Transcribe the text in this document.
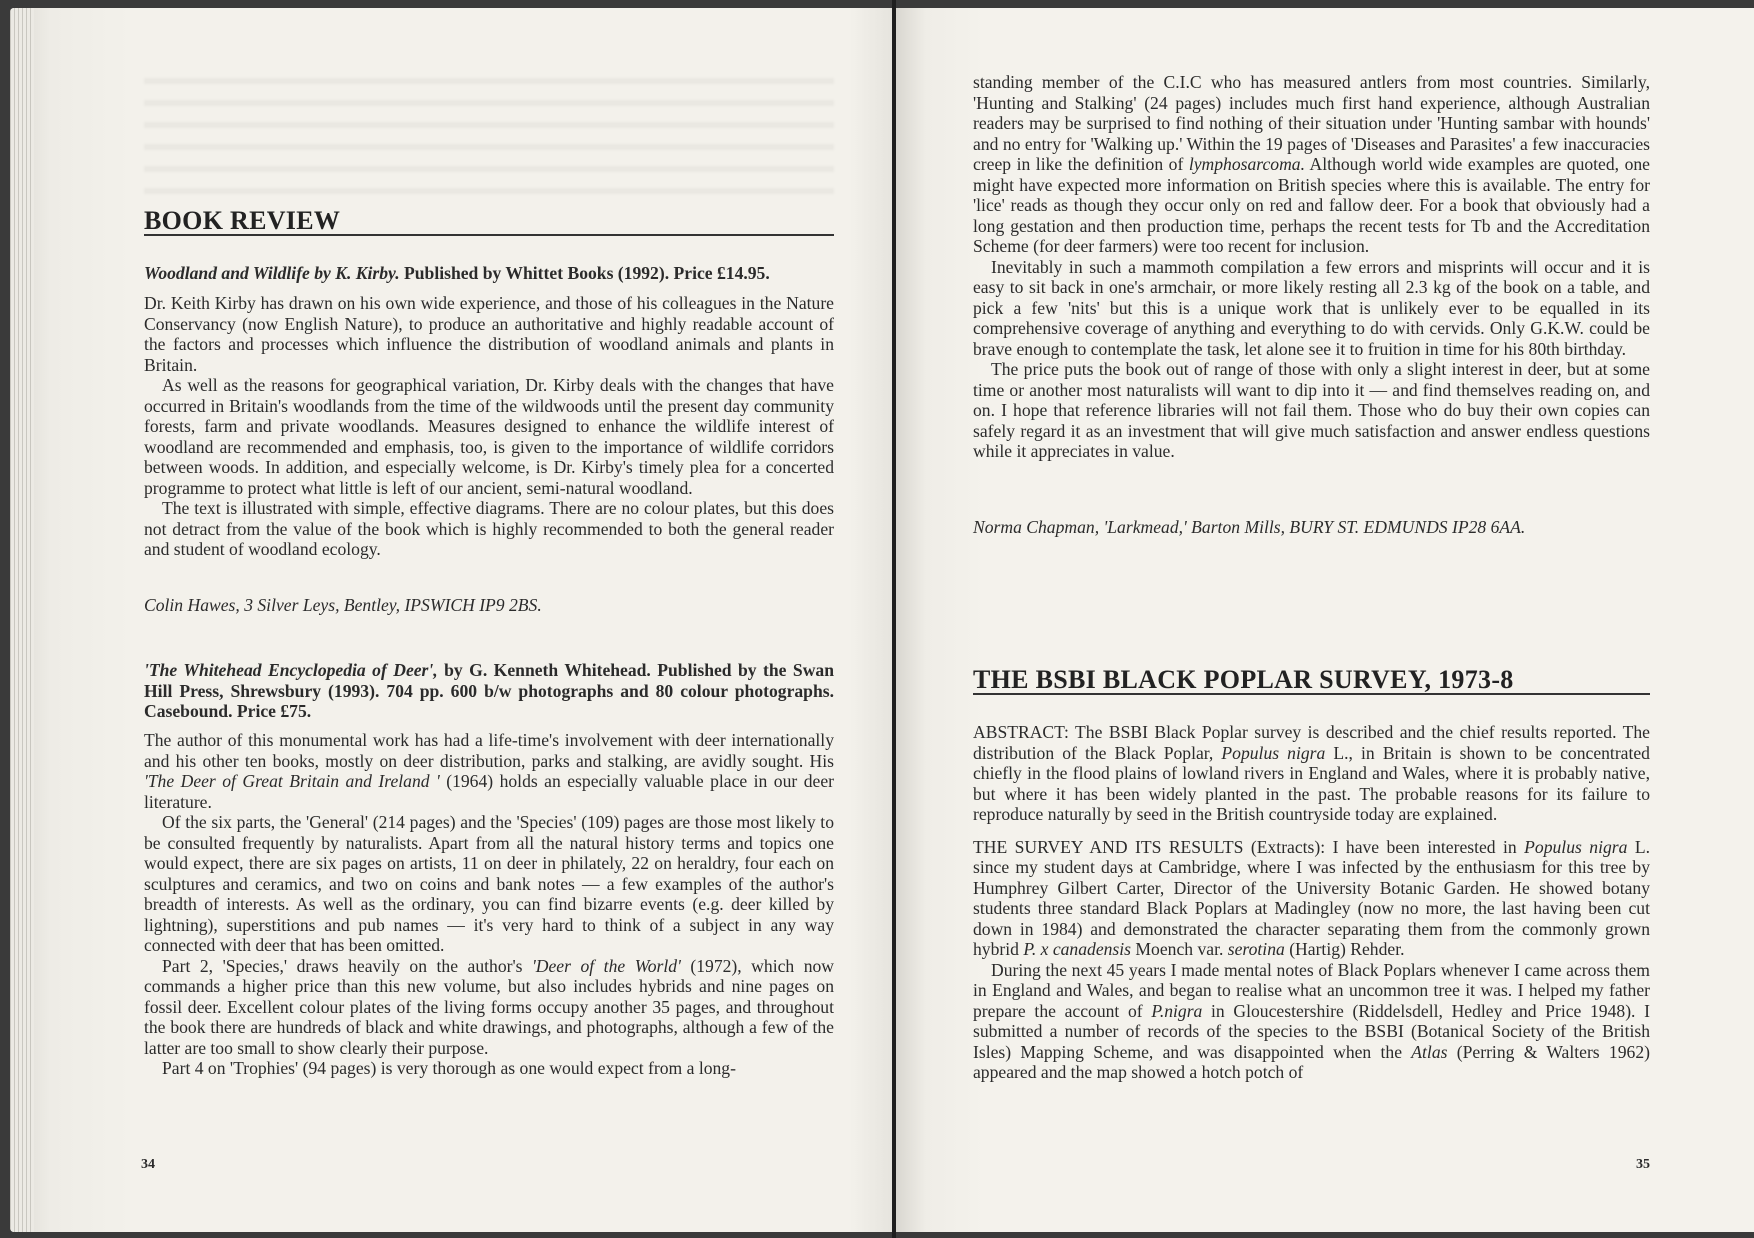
BOOK REVIEW

Woodland and Wildlife by K. Kirby. Published by Whittet Books (1992). Price £14.95.

Dr. Keith Kirby has drawn on his own wide experience, and those of his colleagues in the Nature Conservancy (now English Nature), to produce an authoritative and highly readable account of the factors and processes which influence the distribution of woodland animals and plants in Britain.

As well as the reasons for geographical variation, Dr. Kirby deals with the changes that have occurred in Britain's woodlands from the time of the wildwoods until the present day community forests, farm and private woodlands. Measures designed to enhance the wildlife interest of woodland are recommended and emphasis, too, is given to the importance of wildlife corridors between woods. In addition, and especially welcome, is Dr. Kirby's timely plea for a concerted programme to protect what little is left of our ancient, semi-natural woodland.

The text is illustrated with simple, effective diagrams. There are no colour plates, but this does not detract from the value of the book which is highly recommended to both the general reader and student of woodland ecology.

Colin Hawes, 3 Silver Leys, Bentley, IPSWICH IP9 2BS.

'The Whitehead Encyclopedia of Deer', by G. Kenneth Whitehead. Published by the Swan Hill Press, Shrewsbury (1993). 704 pp. 600 b/w photographs and 80 colour photographs. Casebound. Price £75.

The author of this monumental work has had a life-time's involvement with deer internationally and his other ten books, mostly on deer distribution, parks and stalking, are avidly sought. His 'The Deer of Great Britain and Ireland ' (1964) holds an especially valuable place in our deer literature.

Of the six parts, the 'General' (214 pages) and the 'Species' (109) pages are those most likely to be consulted frequently by naturalists. Apart from all the natural history terms and topics one would expect, there are six pages on artists, 11 on deer in philately, 22 on heraldry, four each on sculptures and ceramics, and two on coins and bank notes — a few examples of the author's breadth of interests. As well as the ordinary, you can find bizarre events (e.g. deer killed by lightning), superstitions and pub names — it's very hard to think of a subject in any way connected with deer that has been omitted.

Part 2, 'Species,' draws heavily on the author's 'Deer of the World' (1972), which now commands a higher price than this new volume, but also includes hybrids and nine pages on fossil deer. Excellent colour plates of the living forms occupy another 35 pages, and throughout the book there are hundreds of black and white drawings, and photographs, although a few of the latter are too small to show clearly their purpose.

Part 4 on 'Trophies' (94 pages) is very thorough as one would expect from a long-

34

standing member of the C.I.C who has measured antlers from most countries. Similarly, 'Hunting and Stalking' (24 pages) includes much first hand experience, although Australian readers may be surprised to find nothing of their situation under 'Hunting sambar with hounds' and no entry for 'Walking up.' Within the 19 pages of 'Diseases and Parasites' a few inaccuracies creep in like the definition of lymphosarcoma. Although world wide examples are quoted, one might have expected more information on British species where this is available. The entry for 'lice' reads as though they occur only on red and fallow deer. For a book that obviously had a long gestation and then production time, perhaps the recent tests for Tb and the Accreditation Scheme (for deer farmers) were too recent for inclusion.

Inevitably in such a mammoth compilation a few errors and misprints will occur and it is easy to sit back in one's armchair, or more likely resting all 2.3 kg of the book on a table, and pick a few 'nits' but this is a unique work that is unlikely ever to be equalled in its comprehensive coverage of anything and everything to do with cervids. Only G.K.W. could be brave enough to contemplate the task, let alone see it to fruition in time for his 80th birthday.

The price puts the book out of range of those with only a slight interest in deer, but at some time or another most naturalists will want to dip into it — and find themselves reading on, and on. I hope that reference libraries will not fail them. Those who do buy their own copies can safely regard it as an investment that will give much satisfaction and answer endless questions while it appreciates in value.

Norma Chapman, 'Larkmead,' Barton Mills, BURY ST. EDMUNDS IP28 6AA.

THE BSBI BLACK POPLAR SURVEY, 1973-8

ABSTRACT: The BSBI Black Poplar survey is described and the chief results reported. The distribution of the Black Poplar, Populus nigra L., in Britain is shown to be concentrated chiefly in the flood plains of lowland rivers in England and Wales, where it is probably native, but where it has been widely planted in the past. The probable reasons for its failure to reproduce naturally by seed in the British countryside today are explained.

THE SURVEY AND ITS RESULTS (Extracts): I have been interested in Populus nigra L. since my student days at Cambridge, where I was infected by the enthusiasm for this tree by Humphrey Gilbert Carter, Director of the University Botanic Garden. He showed botany students three standard Black Poplars at Madingley (now no more, the last having been cut down in 1984) and demonstrated the character separating them from the commonly grown hybrid P. x canadensis Moench var. serotina (Hartig) Rehder.

During the next 45 years I made mental notes of Black Poplars whenever I came across them in England and Wales, and began to realise what an uncommon tree it was. I helped my father prepare the account of P.nigra in Gloucestershire (Riddelsdell, Hedley and Price 1948). I submitted a number of records of the species to the BSBI (Botanical Society of the British Isles) Mapping Scheme, and was disappointed when the Atlas (Perring & Walters 1962) appeared and the map showed a hotch potch of

35
